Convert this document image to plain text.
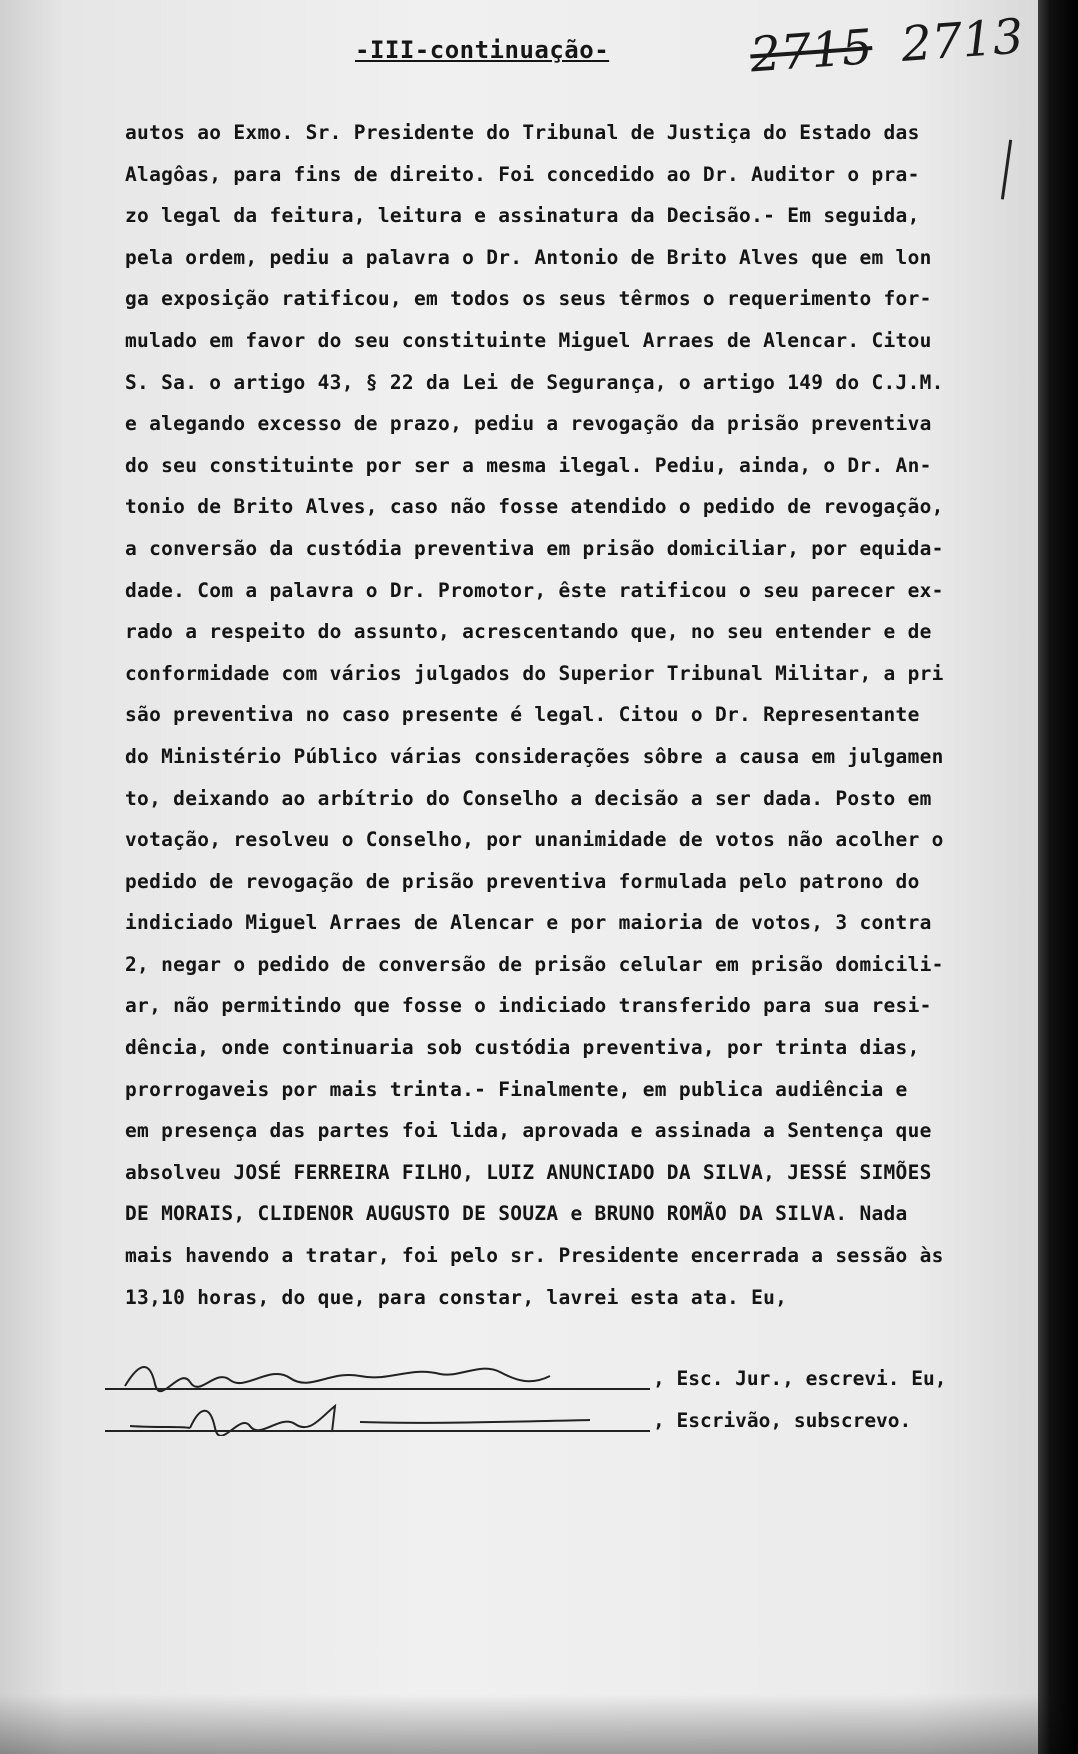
-III-continuação-	2715 2713
autos ao Exmo. Sr. Presidente do Tribunal de Justiça do Estado das
Alagôas, para fins de direito. Foi concedido ao Dr. Auditor o pra-
zo legal da feitura, leitura e assinatura da Decisão.- Em seguida,
pela ordem, pediu a palavra o Dr. Antonio de Brito Alves que em lon
ga exposição ratificou, em todos os seus têrmos o requerimento for-
mulado em favor do seu constituinte Miguel Arraes de Alencar. Citou
S. Sa. o artigo 43, § 22 da Lei de Segurança, o artigo 149 do C.J.M.
e alegando excesso de prazo, pediu a revogação da prisão preventiva
do seu constituinte por ser a mesma ilegal. Pediu, ainda, o Dr. An-
tonio de Brito Alves, caso não fosse atendido o pedido de revogação,
a conversão da custódia preventiva em prisão domiciliar, por equida-
dade. Com a palavra o Dr. Promotor, êste ratificou o seu parecer ex-
rado a respeito do assunto, acrescentando que, no seu entender e de
conformidade com vários julgados do Superior Tribunal Militar, a pri
são preventiva no caso presente é legal. Citou o Dr. Representante
do Ministério Público várias considerações sôbre a causa em julgamen
to, deixando ao arbítrio do Conselho a decisão a ser dada. Posto em
votação, resolveu o Conselho, por unanimidade de votos não acolher o
pedido de revogação de prisão preventiva formulada pelo patrono do
indiciado Miguel Arraes de Alencar e por maioria de votos, 3 contra
2, negar o pedido de conversão de prisão celular em prisão domicili-
ar, não permitindo que fosse o indiciado transferido para sua resi-
dência, onde continuaria sob custódia preventiva, por trinta dias,
prorrogaveis por mais trinta.- Finalmente, em publica audiência e
em presença das partes foi lida, aprovada e assinada a Sentença que
absolveu JOSÉ FERREIRA FILHO, LUIZ ANUNCIADO DA SILVA, JESSÉ SIMÕES
DE MORAIS, CLIDENOR AUGUSTO DE SOUZA e BRUNO ROMÃO DA SILVA. Nada
mais havendo a tratar, foi pelo sr. Presidente encerrada a sessão às
13,10 horas, do que, para constar, lavrei esta ata. Eu,
, Esc. Jur., escrevi. Eu,
, Escrivão, subscrevo.
